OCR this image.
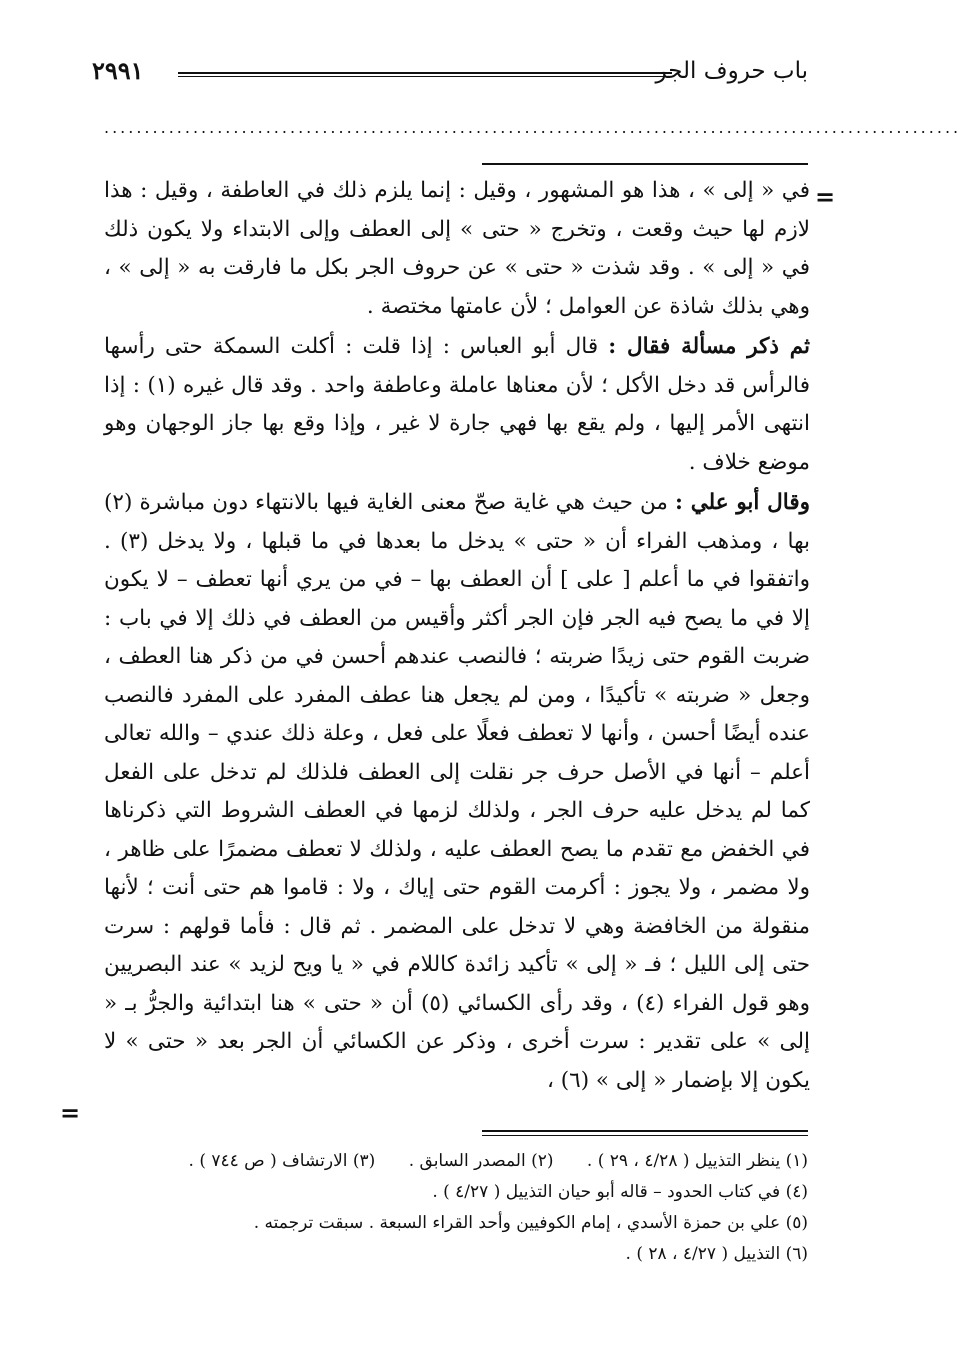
باب حروف الجر
٢٩٩١
..........................................................................................................
=

في « إلى » ، هذا هو المشهور ، وقيل : إنما يلزم ذلك في العاطفة ، وقيل : هذا لازم لها حيث وقعت ، وتخرج « حتى » إلى العطف وإلى الابتداء ولا يكون ذلك في « إلى » . وقد شذت « حتى » عن حروف الجر بكل ما فارقت به « إلى » ، وهي بذلك شاذة عن العوامل ؛ لأن عامتها مختصة .

ثم ذكر مسألة فقال : قال أبو العباس : إذا قلت : أكلت السمكة حتى رأسها فالرأس قد دخل الأكل ؛ لأن معناها عاملة وعاطفة واحد . وقد قال غيره (١) : إذا انتهى الأمر إليها ، ولم يقع بها فهي جارة لا غير ، وإذا وقع بها جاز الوجهان وهو موضع خلاف .

وقال أبو علي : من حيث هي غاية صحّ معنى الغاية فيها بالانتهاء دون مباشرة (٢) بها ، ومذهب الفراء أن « حتى » يدخل ما بعدها في ما قبلها ، ولا يدخل (٣) . واتفقوا في ما أعلم [ على ] أن العطف بها – في من يري أنها تعطف – لا يكون إلا في ما يصح فيه الجر فإن الجر أكثر وأقيس من العطف في ذلك إلا في باب : ضربت القوم حتى زيدًا ضربته ؛ فالنصب عندهم أحسن في من ذكر هنا العطف ، وجعل « ضربته » تأكيدًا ، ومن لم يجعل هنا عطف المفرد على المفرد فالنصب عنده أيضًا أحسن ، وأنها لا تعطف فعلًا على فعل ، وعلة ذلك عندي – والله تعالى أعلم – أنها في الأصل حرف جر نقلت إلى العطف فلذلك لم تدخل على الفعل كما لم يدخل عليه حرف الجر ، ولذلك لزمها في العطف الشروط التي ذكرناها في الخفض مع تقدم ما يصح العطف عليه ، ولذلك لا تعطف مضمرًا على ظاهر ، ولا مضمر ، ولا يجوز : أكرمت القوم حتى إياك ، ولا : قاموا هم حتى أنت ؛ لأنها منقولة من الخافضة وهي لا تدخل على المضمر . ثم قال : فأما قولهم : سرت حتى إلى الليل ؛ فـ « إلى » تأكيد زائدة كاللام في « يا ويح لزيد » عند البصريين وهو قول الفراء (٤) ، وقد رأى الكسائي (٥) أن « حتى » هنا ابتدائية والجرُّ بـ « إلى » على تقدير : سرت أخرى ، وذكر عن الكسائي أن الجر بعد « حتى » لا يكون إلا بإضمار « إلى » (٦) ،

=
(١) ينظر التذييل ( ٤/٢٨ ، ٢٩ ) . (٢) المصدر السابق . (٣) الارتشاف ( ص ٧٤٤ ) .
(٤) في كتاب الحدود – قاله أبو حيان التذييل ( ٤/٢٧ ) .
(٥) علي بن حمزة الأسدي ، إمام الكوفيين وأحد القراء السبعة . سبقت ترجمته .
(٦) التذييل ( ٤/٢٧ ، ٢٨ ) .
